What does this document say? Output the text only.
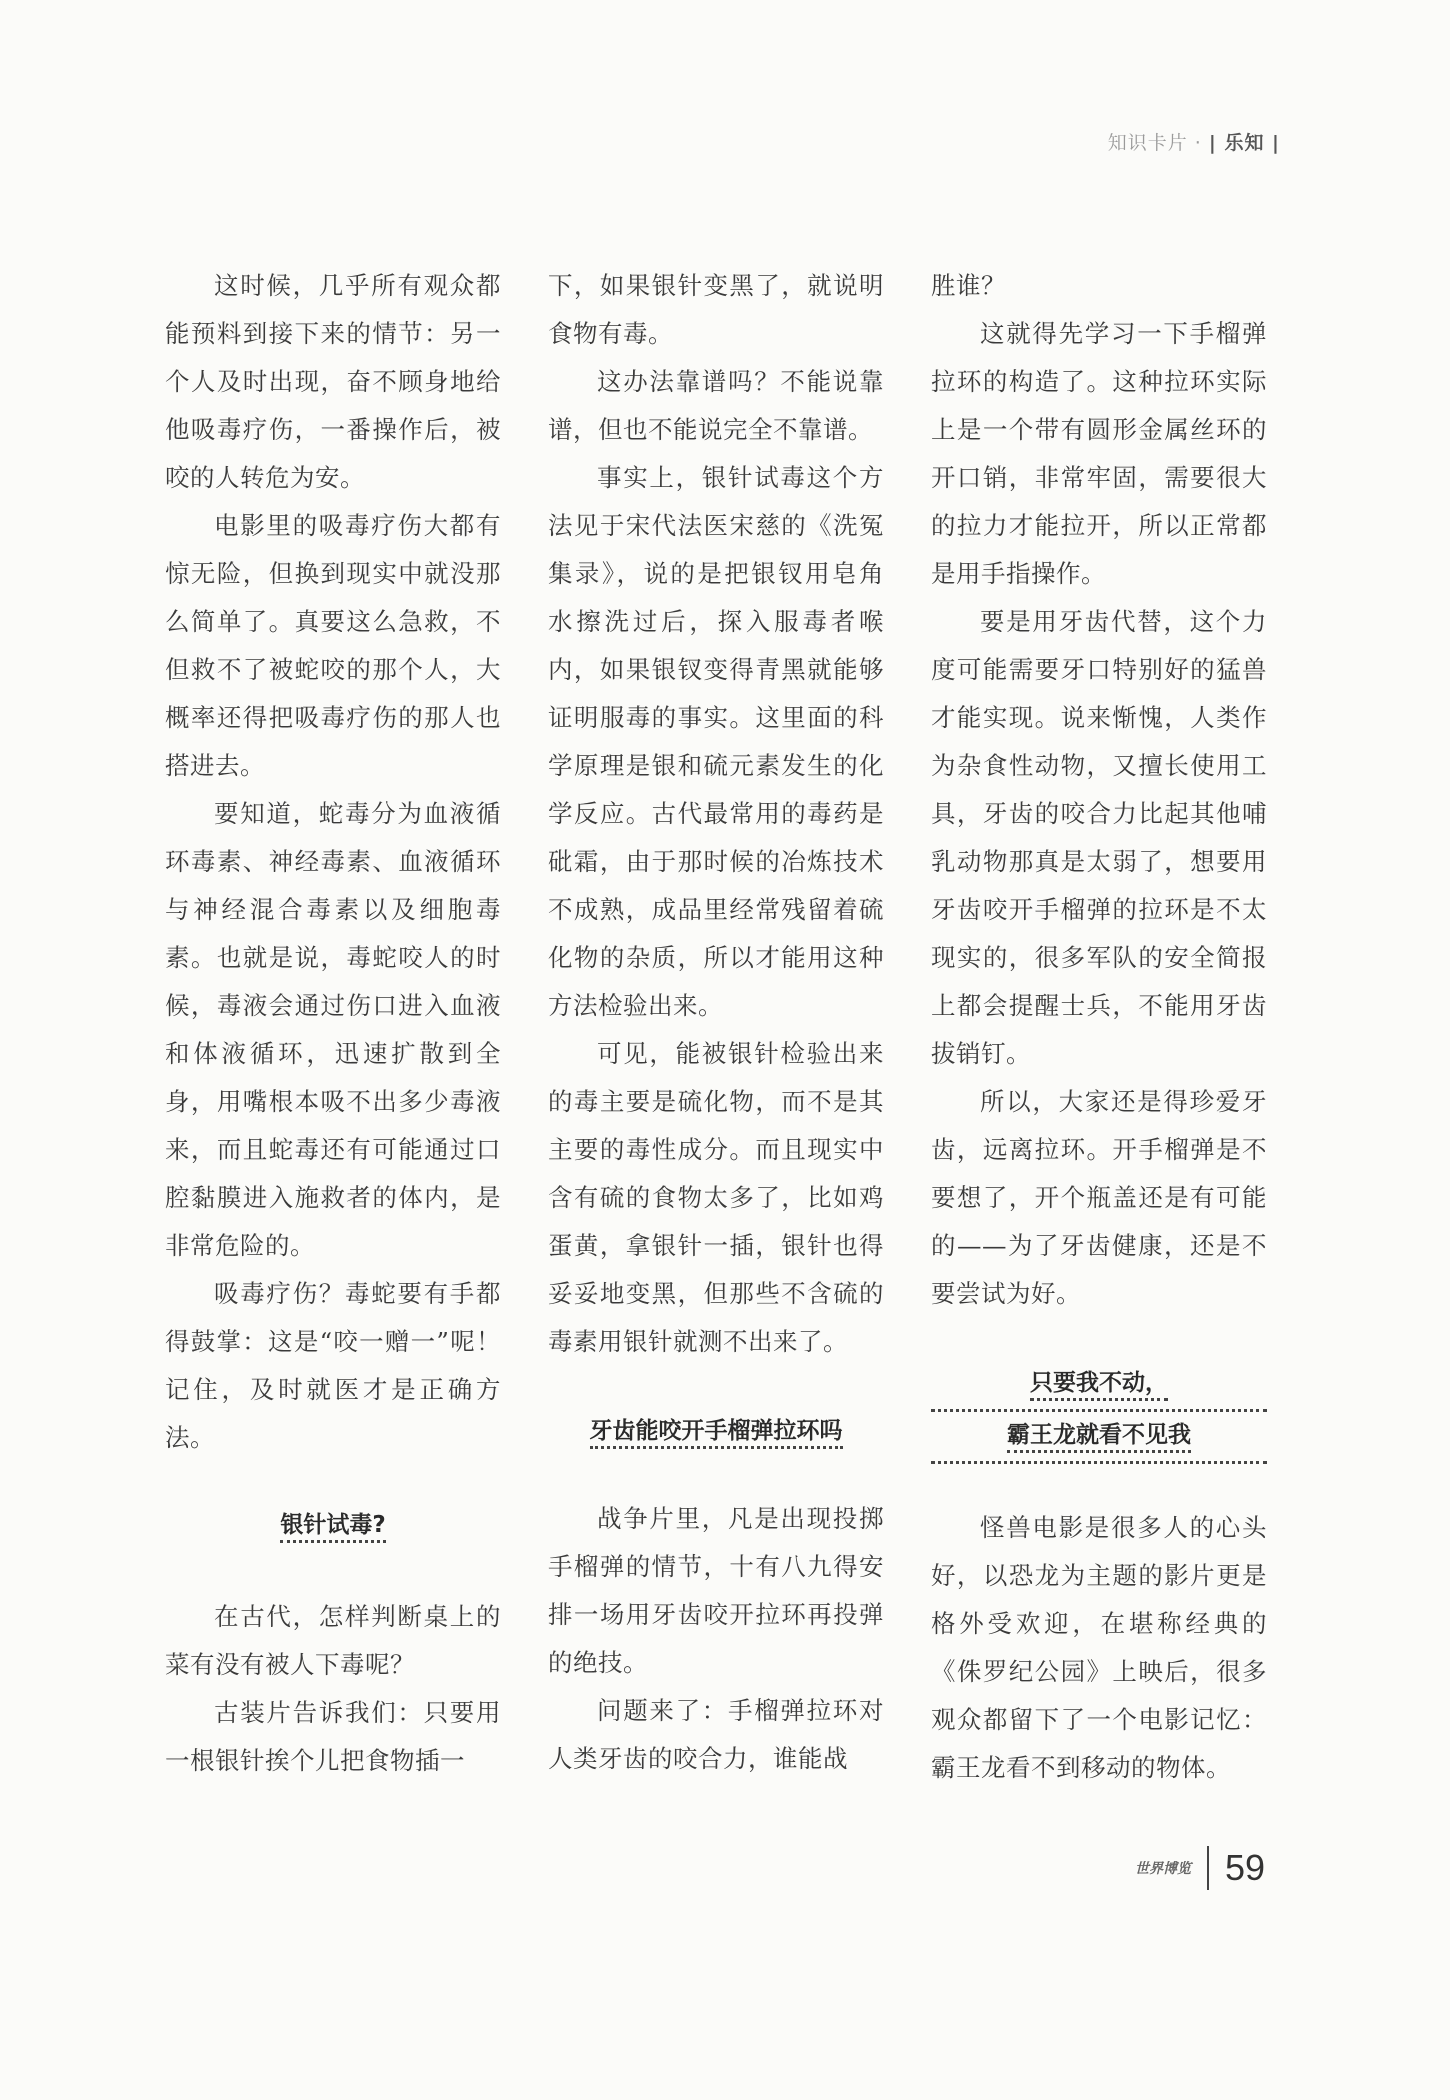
知识卡片 · | 乐知 |

这时候，几乎所有观众都能预料到接下来的情节：另一个人及时出现，奋不顾身地给他吸毒疗伤，一番操作后，被咬的人转危为安。

电影里的吸毒疗伤大都有惊无险，但换到现实中就没那么简单了。真要这么急救，不但救不了被蛇咬的那个人，大概率还得把吸毒疗伤的那人也搭进去。

要知道，蛇毒分为血液循环毒素、神经毒素、血液循环与神经混合毒素以及细胞毒素。也就是说，毒蛇咬人的时候，毒液会通过伤口进入血液和体液循环，迅速扩散到全身，用嘴根本吸不出多少毒液来，而且蛇毒还有可能通过口腔黏膜进入施救者的体内，是非常危险的。

吸毒疗伤？毒蛇要有手都得鼓掌：这是“咬一赠一”呢！记住，及时就医才是正确方法。

银针试毒?

在古代，怎样判断桌上的菜有没有被人下毒呢？

古装片告诉我们：只要用一根银针挨个儿把食物插一

下，如果银针变黑了，就说明食物有毒。

这办法靠谱吗？不能说靠谱，但也不能说完全不靠谱。

事实上，银针试毒这个方法见于宋代法医宋慈的《洗冤集录》，说的是把银钗用皂角水擦洗过后，探入服毒者喉内，如果银钗变得青黑就能够证明服毒的事实。这里面的科学原理是银和硫元素发生的化学反应。古代最常用的毒药是砒霜，由于那时候的冶炼技术不成熟，成品里经常残留着硫化物的杂质，所以才能用这种方法检验出来。

可见，能被银针检验出来的毒主要是硫化物，而不是其主要的毒性成分。而且现实中含有硫的食物太多了，比如鸡蛋黄，拿银针一插，银针也得妥妥地变黑，但那些不含硫的毒素用银针就测不出来了。

牙齿能咬开手榴弹拉环吗

战争片里，凡是出现投掷手榴弹的情节，十有八九得安排一场用牙齿咬开拉环再投弹的绝技。

问题来了：手榴弹拉环对人类牙齿的咬合力，谁能战

胜谁？

这就得先学习一下手榴弹拉环的构造了。这种拉环实际上是一个带有圆形金属丝环的开口销，非常牢固，需要很大的拉力才能拉开，所以正常都是用手指操作。

要是用牙齿代替，这个力度可能需要牙口特别好的猛兽才能实现。说来惭愧，人类作为杂食性动物，又擅长使用工具，牙齿的咬合力比起其他哺乳动物那真是太弱了，想要用牙齿咬开手榴弹的拉环是不太现实的，很多军队的安全简报上都会提醒士兵，不能用牙齿拔销钉。

所以，大家还是得珍爱牙齿，远离拉环。开手榴弹是不要想了，开个瓶盖还是有可能的——为了牙齿健康，还是不要尝试为好。

只要我不动，
霸王龙就看不见我

怪兽电影是很多人的心头好，以恐龙为主题的影片更是格外受欢迎，在堪称经典的《侏罗纪公园》上映后，很多观众都留下了一个电影记忆：霸王龙看不到移动的物体。

世界博览 59
